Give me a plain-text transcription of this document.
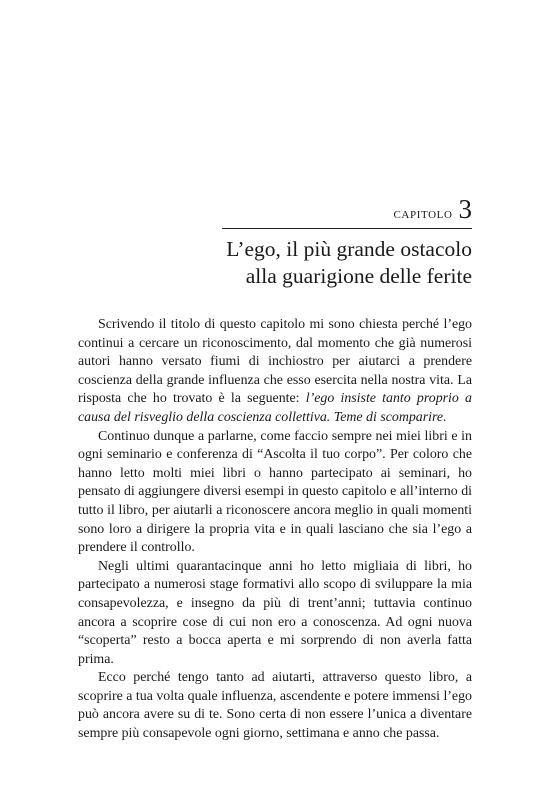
CAPITOLO 3
L’ego, il più grande ostacolo
alla guarigione delle ferite

Scrivendo il titolo di questo capitolo mi sono chiesta perché l’ego continui a cercare un riconoscimento, dal momento che già numerosi autori hanno versato fiumi di inchiostro per aiutarci a prendere coscienza della grande influenza che esso esercita nella nostra vita. La risposta che ho trovato è la seguente: l’ego insiste tanto proprio a causa del risveglio della coscienza collettiva. Teme di scomparire.

Continuo dunque a parlarne, come faccio sempre nei miei libri e in ogni seminario e conferenza di “Ascolta il tuo corpo”. Per coloro che hanno letto molti miei libri o hanno partecipato ai seminari, ho pensato di aggiungere diversi esempi in questo capitolo e all’interno di tutto il libro, per aiutarli a riconoscere ancora meglio in quali momenti sono loro a dirigere la propria vita e in quali lasciano che sia l’ego a prendere il controllo.

Negli ultimi quarantacinque anni ho letto migliaia di libri, ho partecipato a numerosi stage formativi allo scopo di sviluppare la mia consapevolezza, e insegno da più di trent’anni; tuttavia continuo ancora a scoprire cose di cui non ero a conoscenza. Ad ogni nuova “scoperta” resto a bocca aperta e mi sorprendo di non averla fatta prima.

Ecco perché tengo tanto ad aiutarti, attraverso questo libro, a scoprire a tua volta quale influenza, ascendente e potere immensi l’ego può ancora avere su di te. Sono certa di non essere l’unica a diventare sempre più consapevole ogni giorno, settimana e anno che passa.
